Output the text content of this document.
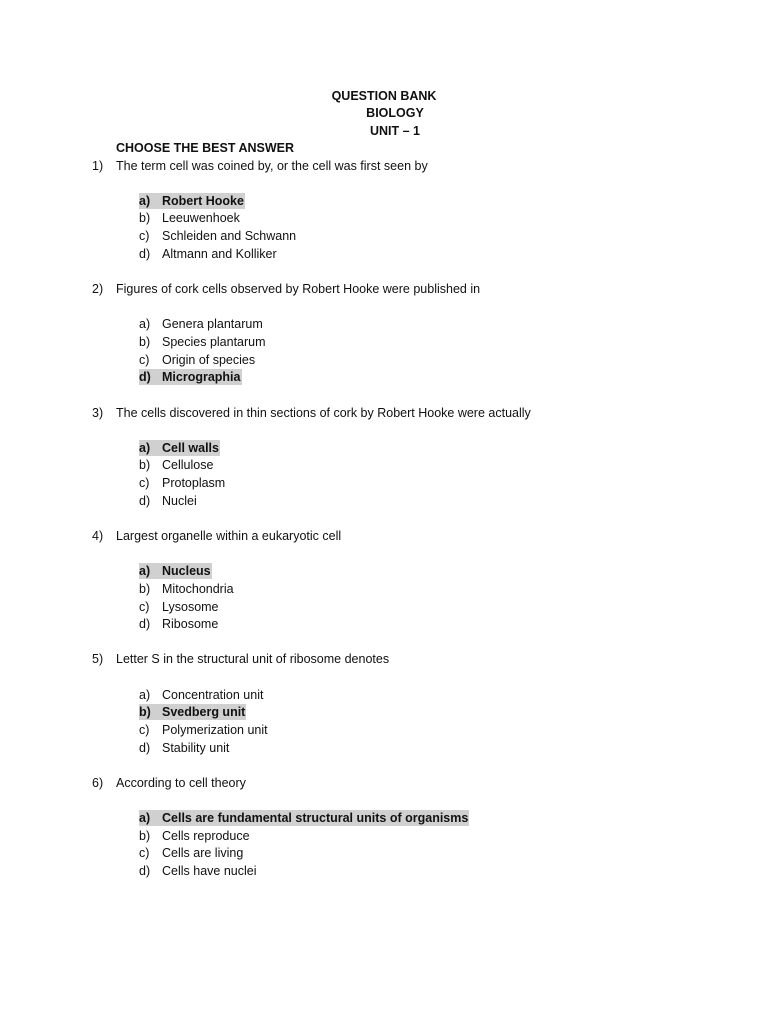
QUESTION BANK
BIOLOGY
UNIT – 1
CHOOSE THE BEST ANSWER
1) The term cell was coined by, or the cell was first seen by
a) Robert Hooke
b) Leeuwenhoek
c)	Schleiden and Schwann
d) Altmann and Kolliker
2) Figures of cork cells observed by Robert Hooke were published in
a) Genera plantarum
b) Species plantarum
c)	Origin of species
d) Micrographia
3) The cells discovered in thin sections of cork by Robert Hooke were actually
a) Cell walls
b) Cellulose
c)	Protoplasm
d) Nuclei
4) Largest organelle within a eukaryotic cell
a) Nucleus
b) Mitochondria
c)	Lysosome
d) Ribosome
5) Letter S in the structural unit of ribosome denotes
a) Concentration unit
b) Svedberg unit
c)	Polymerization unit
d) Stability unit
6) According to cell theory
a) Cells are fundamental structural units of organisms
b) Cells reproduce
c)	Cells are living
d) Cells have nuclei
